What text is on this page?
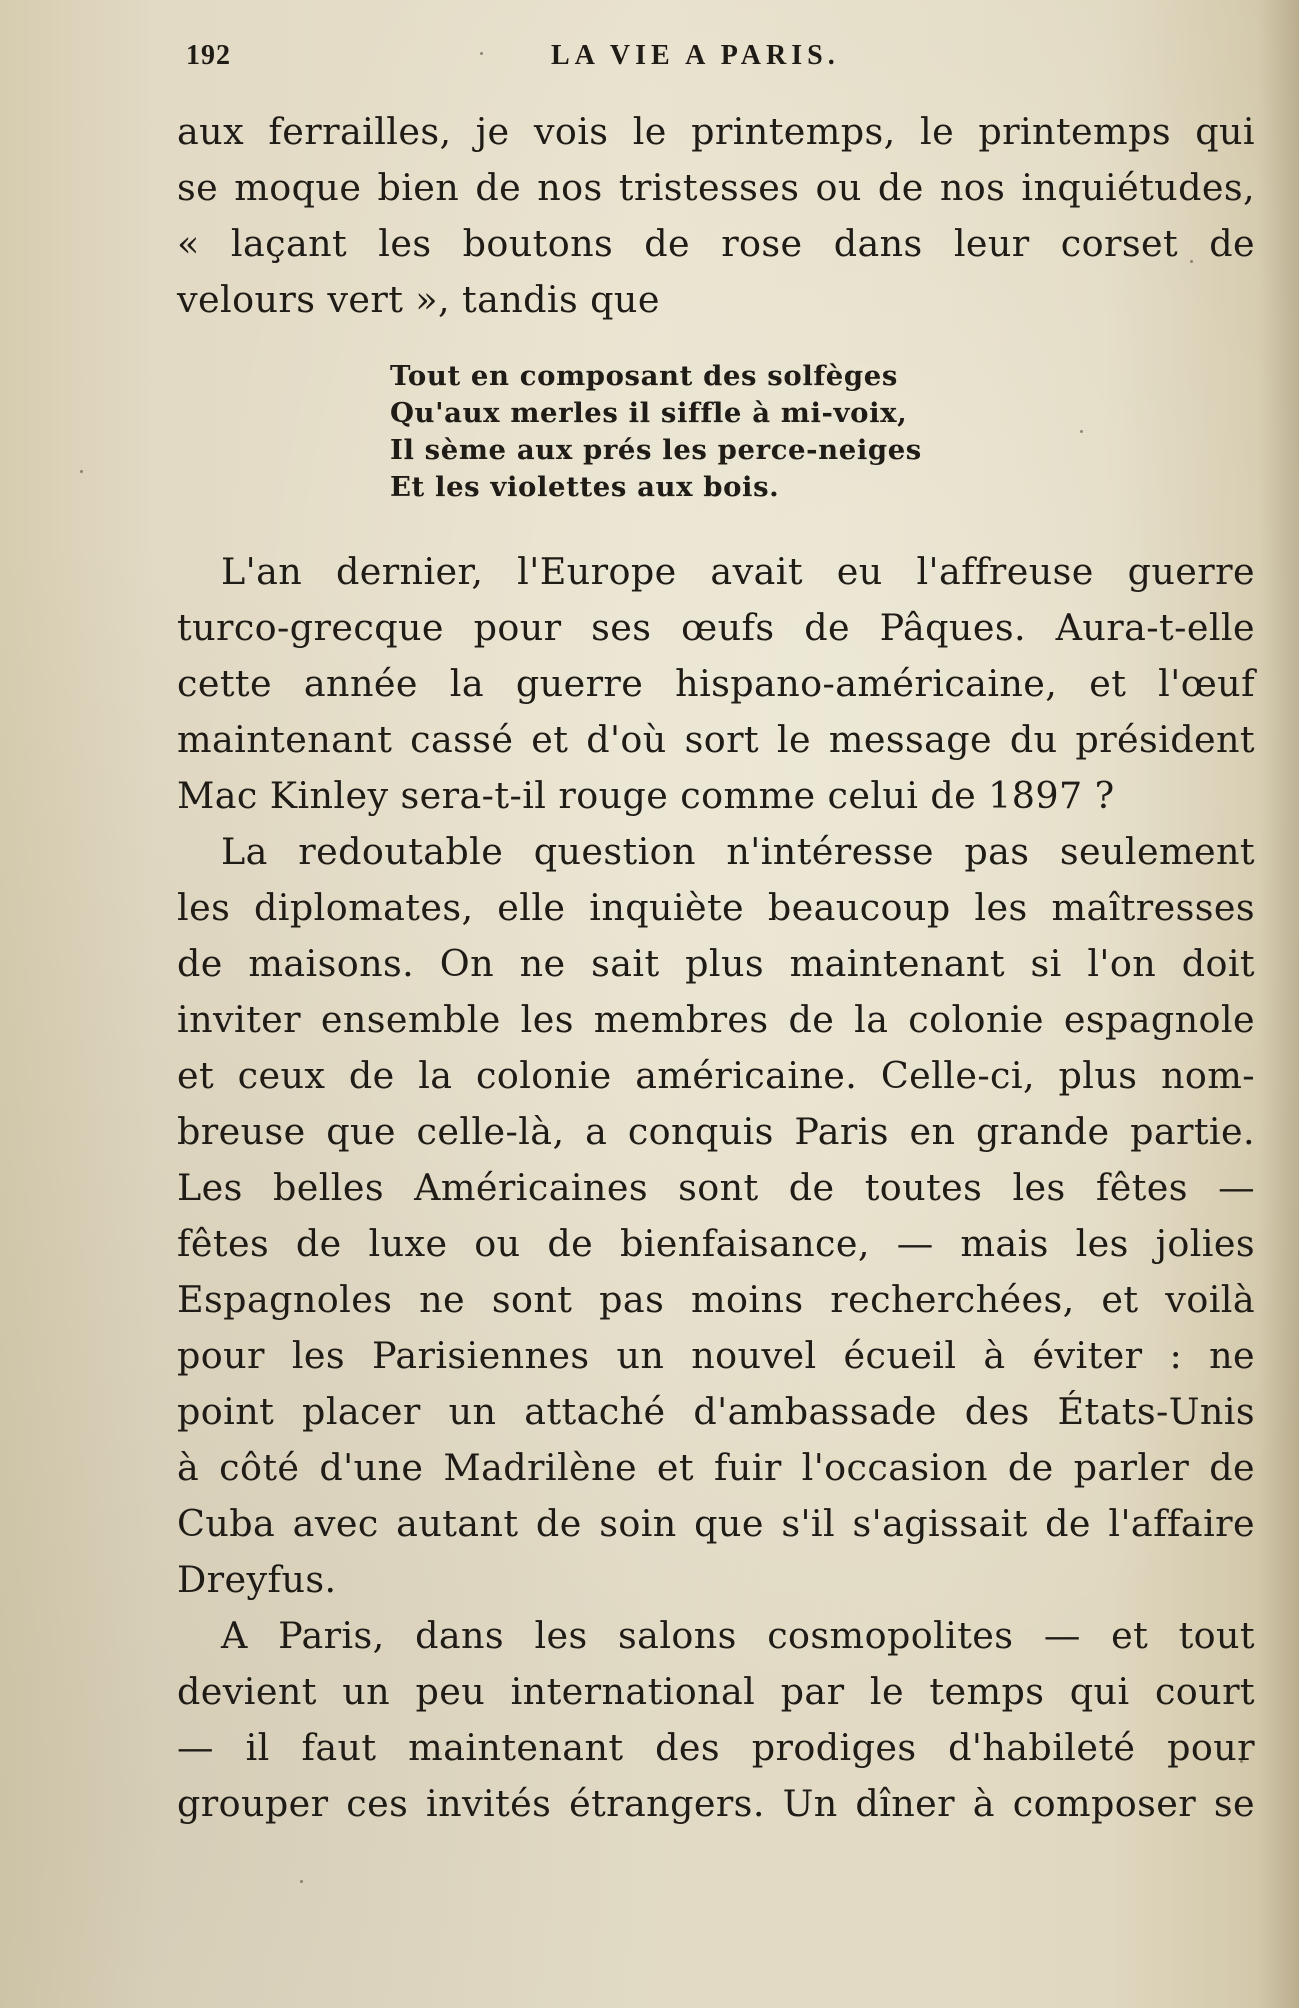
192	LA VIE A PARIS.
aux ferrailles, je vois le printemps, le printemps qui
se moque bien de nos tristesses ou de nos inquiétudes,
« laçant les boutons de rose dans leur corset de
velours vert », tandis que
Tout en composant des solfèges
Qu'aux merles il siffle à mi-voix,
Il sème aux prés les perce-neiges
Et les violettes aux bois.
L'an dernier, l'Europe avait eu l'affreuse guerre
turco-grecque pour ses œufs de Pâques. Aura-t-elle
cette année la guerre hispano-américaine, et l'œuf
maintenant cassé et d'où sort le message du président
Mac Kinley sera-t-il rouge comme celui de 1897 ?
La redoutable question n'intéresse pas seulement
les diplomates, elle inquiète beaucoup les maîtresses
de maisons. On ne sait plus maintenant si l'on doit
inviter ensemble les membres de la colonie espagnole
et ceux de la colonie américaine. Celle-ci, plus nom-
breuse que celle-là, a conquis Paris en grande partie.
Les belles Américaines sont de toutes les fêtes —
fêtes de luxe ou de bienfaisance, — mais les jolies
Espagnoles ne sont pas moins recherchées, et voilà
pour les Parisiennes un nouvel écueil à éviter : ne
point placer un attaché d'ambassade des États-Unis
à côté d'une Madrilène et fuir l'occasion de parler de
Cuba avec autant de soin que s'il s'agissait de l'affaire
Dreyfus.
A Paris, dans les salons cosmopolites — et tout
devient un peu international par le temps qui court
— il faut maintenant des prodiges d'habileté pour
grouper ces invités étrangers. Un dîner à composer se
